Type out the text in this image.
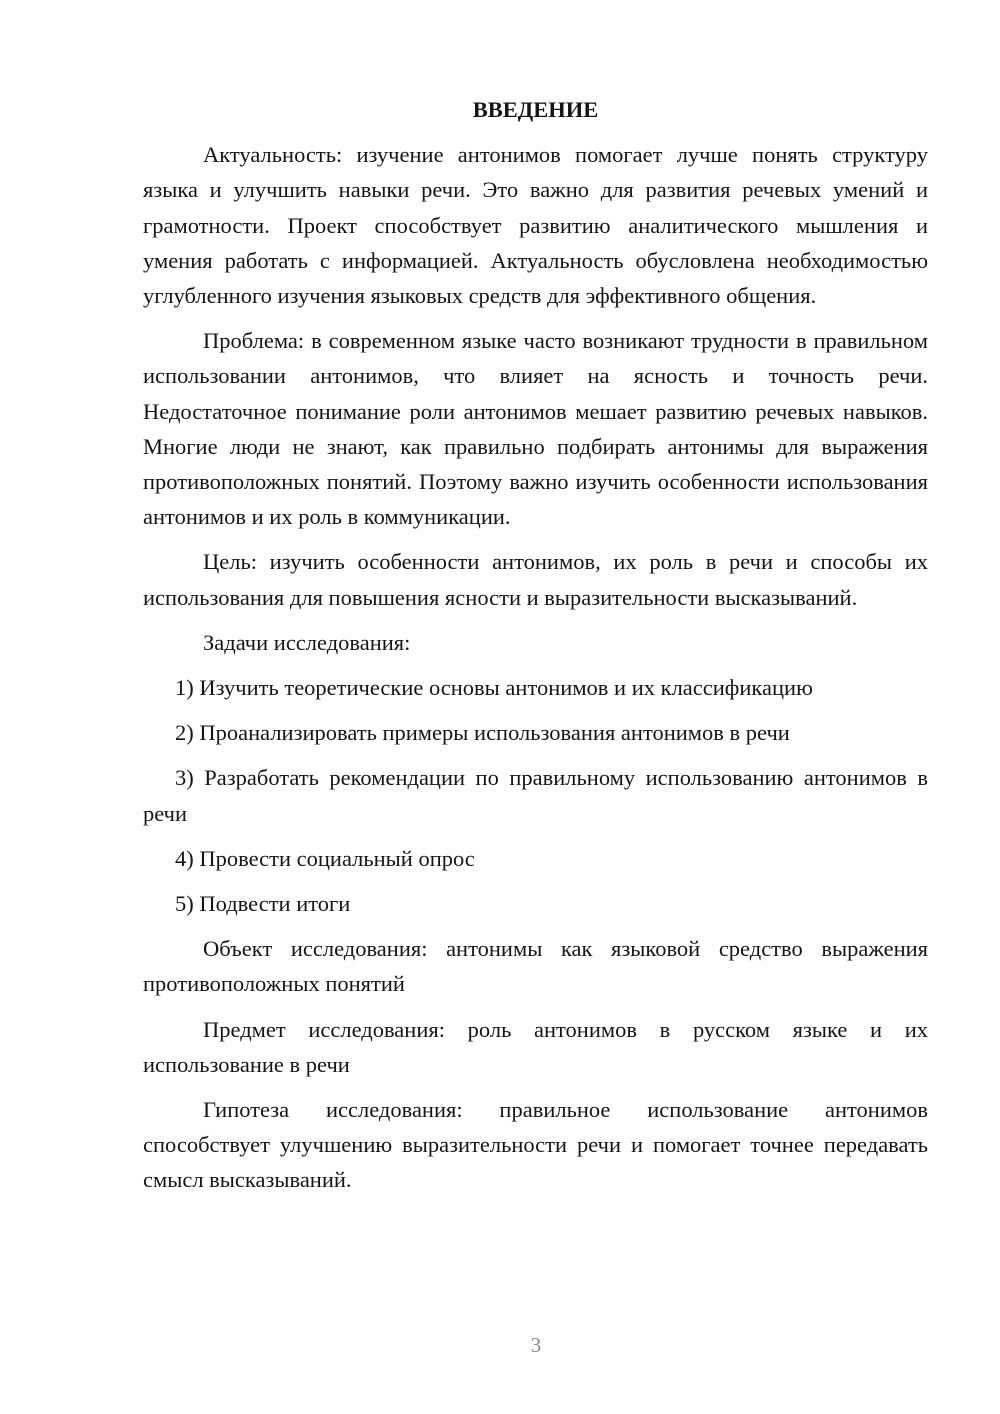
ВВЕДЕНИЕ

Актуальность: изучение антонимов помогает лучше понять структуру языка и улучшить навыки речи. Это важно для развития речевых умений и грамотности. Проект способствует развитию аналитического мышления и умения работать с информацией. Актуальность обусловлена необходимостью углубленного изучения языковых средств для эффективного общения.

Проблема: в современном языке часто возникают трудности в правильном использовании антонимов, что влияет на ясность и точность речи. Недостаточное понимание роли антонимов мешает развитию речевых навыков. Многие люди не знают, как правильно подбирать антонимы для выражения противоположных понятий. Поэтому важно изучить особенности использования антонимов и их роль в коммуникации.

Цель: изучить особенности антонимов, их роль в речи и способы их использования для повышения ясности и выразительности высказываний.

Задачи исследования:

1) Изучить теоретические основы антонимов и их классификацию

2) Проанализировать примеры использования антонимов в речи

3) Разработать рекомендации по правильному использованию антонимов в речи

4) Провести социальный опрос

5) Подвести итоги

Объект исследования: антонимы как языковой средство выражения противоположных понятий

Предмет исследования: роль антонимов в русском языке и их использование в речи

Гипотеза исследования: правильное использование антонимов способствует улучшению выразительности речи и помогает точнее передавать смысл высказываний.

3
